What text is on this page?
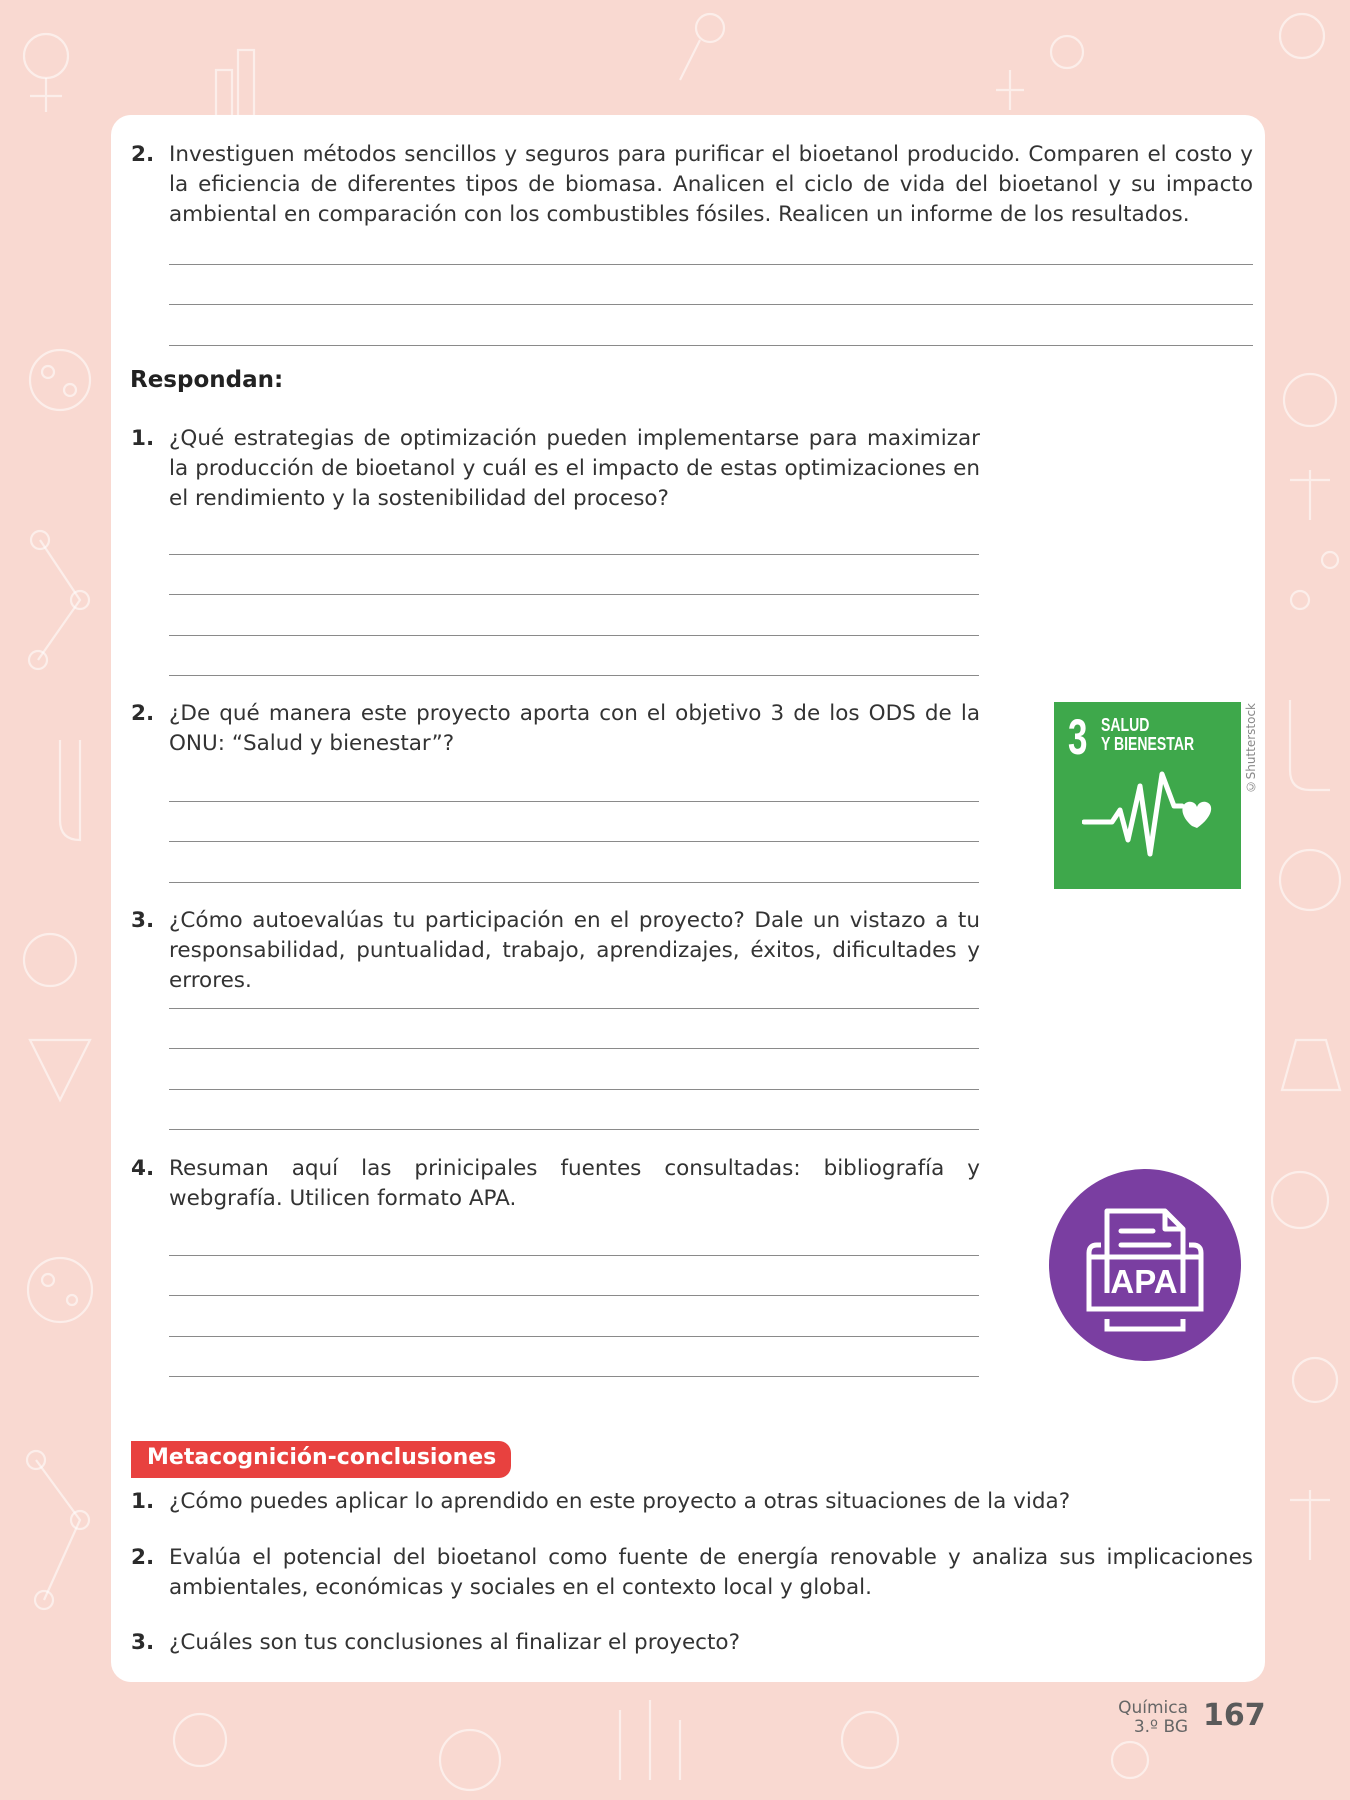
2. Investiguen métodos sencillos y seguros para purificar el bioetanol producido. Comparen el costo y la eficiencia de diferentes tipos de biomasa. Analicen el ciclo de vida del bioetanol y su impacto ambiental en comparación con los combustibles fósiles. Realicen un informe de los resultados.
Respondan:
1. ¿Qué estrategias de optimización pueden implementarse para maximizar la producción de bioetanol y cuál es el impacto de estas optimizaciones en el rendimiento y la sostenibilidad del proceso?
2. ¿De qué manera este proyecto aporta con el objetivo 3 de los ODS de la ONU: “Salud y bienestar”?	3 SALUD
Y BIENESTAR	©Shutterstock
3. ¿Cómo autoevalúas tu participación en el proyecto? Dale un vistazo a tu responsabilidad, puntualidad, trabajo, aprendizajes, éxitos, dificultades y errores.
4. Resuman aquí las prinicipales fuentes consultadas: bibliografía y webgrafía. Utilicen formato APA.
APA
Metacognición-conclusiones
1. ¿Cómo puedes aplicar lo aprendido en este proyecto a otras situaciones de la vida?
2. Evalúa el potencial del bioetanol como fuente de energía renovable y analiza sus implicaciones ambientales, económicas y sociales en el contexto local y global.
3. ¿Cuáles son tus conclusiones al finalizar el proyecto?
Química
3.º BG 167
